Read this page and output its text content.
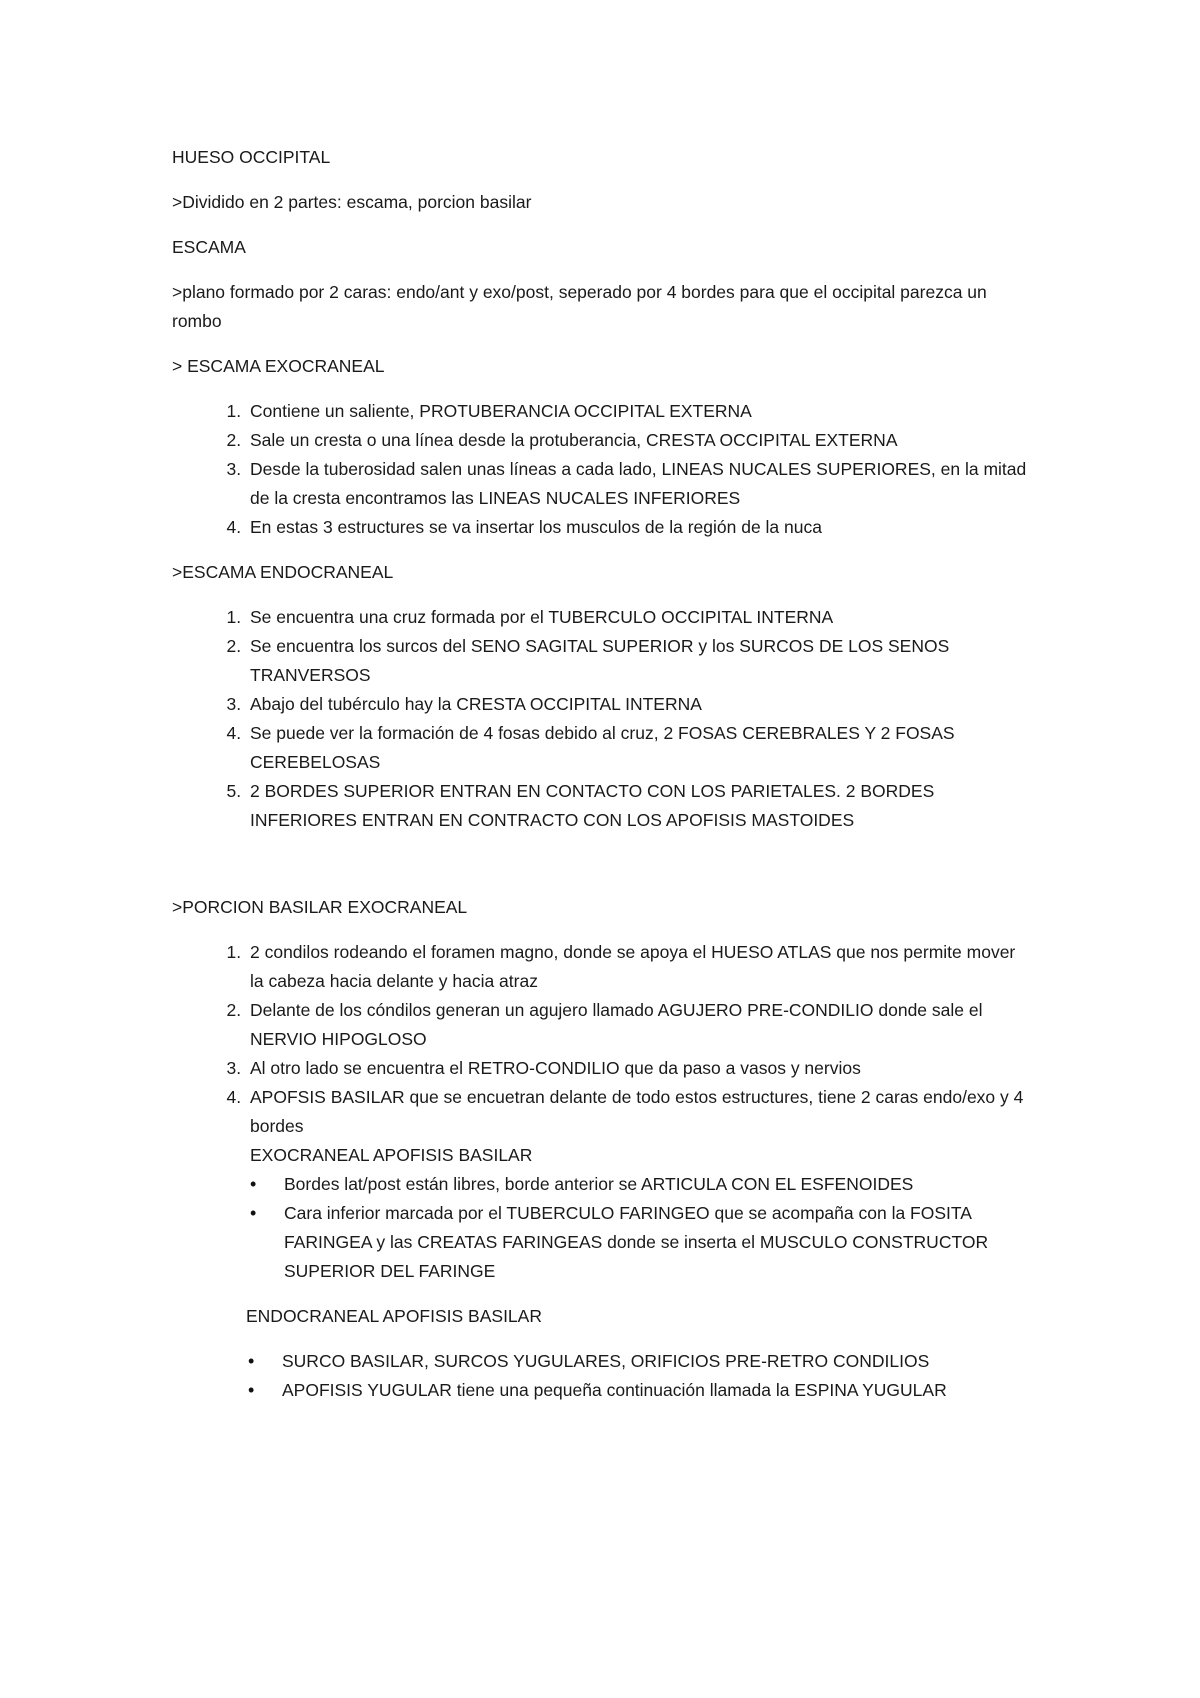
HUESO OCCIPITAL

>Dividido en 2 partes: escama, porcion basilar

ESCAMA

>plano formado por 2 caras: endo/ant y exo/post, seperado por 4 bordes para que el occipital parezca un rombo

> ESCAMA EXOCRANEAL

1. Contiene un saliente, PROTUBERANCIA OCCIPITAL EXTERNA
2. Sale un cresta o una línea desde la protuberancia, CRESTA OCCIPITAL EXTERNA
3. Desde la tuberosidad salen unas líneas a cada lado, LINEAS NUCALES SUPERIORES, en la mitad de la cresta encontramos las LINEAS NUCALES INFERIORES
4. En estas 3 estructures se va insertar los musculos de la región de la nuca

>ESCAMA ENDOCRANEAL

1. Se encuentra una cruz formada por el TUBERCULO OCCIPITAL INTERNA
2. Se encuentra los surcos del SENO SAGITAL SUPERIOR y los SURCOS DE LOS SENOS TRANVERSOS
3. Abajo del tubérculo hay la CRESTA OCCIPITAL INTERNA
4. Se puede ver la formación de 4 fosas debido al cruz, 2 FOSAS CEREBRALES Y 2 FOSAS CEREBELOSAS
5. 2 BORDES SUPERIOR ENTRAN EN CONTACTO CON LOS PARIETALES. 2 BORDES INFERIORES ENTRAN EN CONTRACTO CON LOS APOFISIS MASTOIDES

>PORCION BASILAR EXOCRANEAL

1. 2 condilos rodeando el foramen magno, donde se apoya el HUESO ATLAS que nos permite mover la cabeza hacia delante y hacia atraz
2. Delante de los cóndilos generan un agujero llamado AGUJERO PRE-CONDILIO donde sale el NERVIO HIPOGLOSO
3. Al otro lado se encuentra el RETRO-CONDILIO que da paso a vasos y nervios
4. APOFSIS BASILAR que se encuetran delante de todo estos estructures, tiene 2 caras endo/exo y 4 bordes
EXOCRANEAL APOFISIS BASILAR
• Bordes lat/post están libres, borde anterior se ARTICULA CON EL ESFENOIDES
• Cara inferior marcada por el TUBERCULO FARINGEO que se acompaña con la FOSITA FARINGEA y las CREATAS FARINGEAS donde se inserta el MUSCULO CONSTRUCTOR SUPERIOR DEL FARINGE
ENDOCRANEAL APOFISIS BASILAR
• SURCO BASILAR, SURCOS YUGULARES, ORIFICIOS PRE-RETRO CONDILIOS
• APOFISIS YUGULAR tiene una pequeña continuación llamada la ESPINA YUGULAR
